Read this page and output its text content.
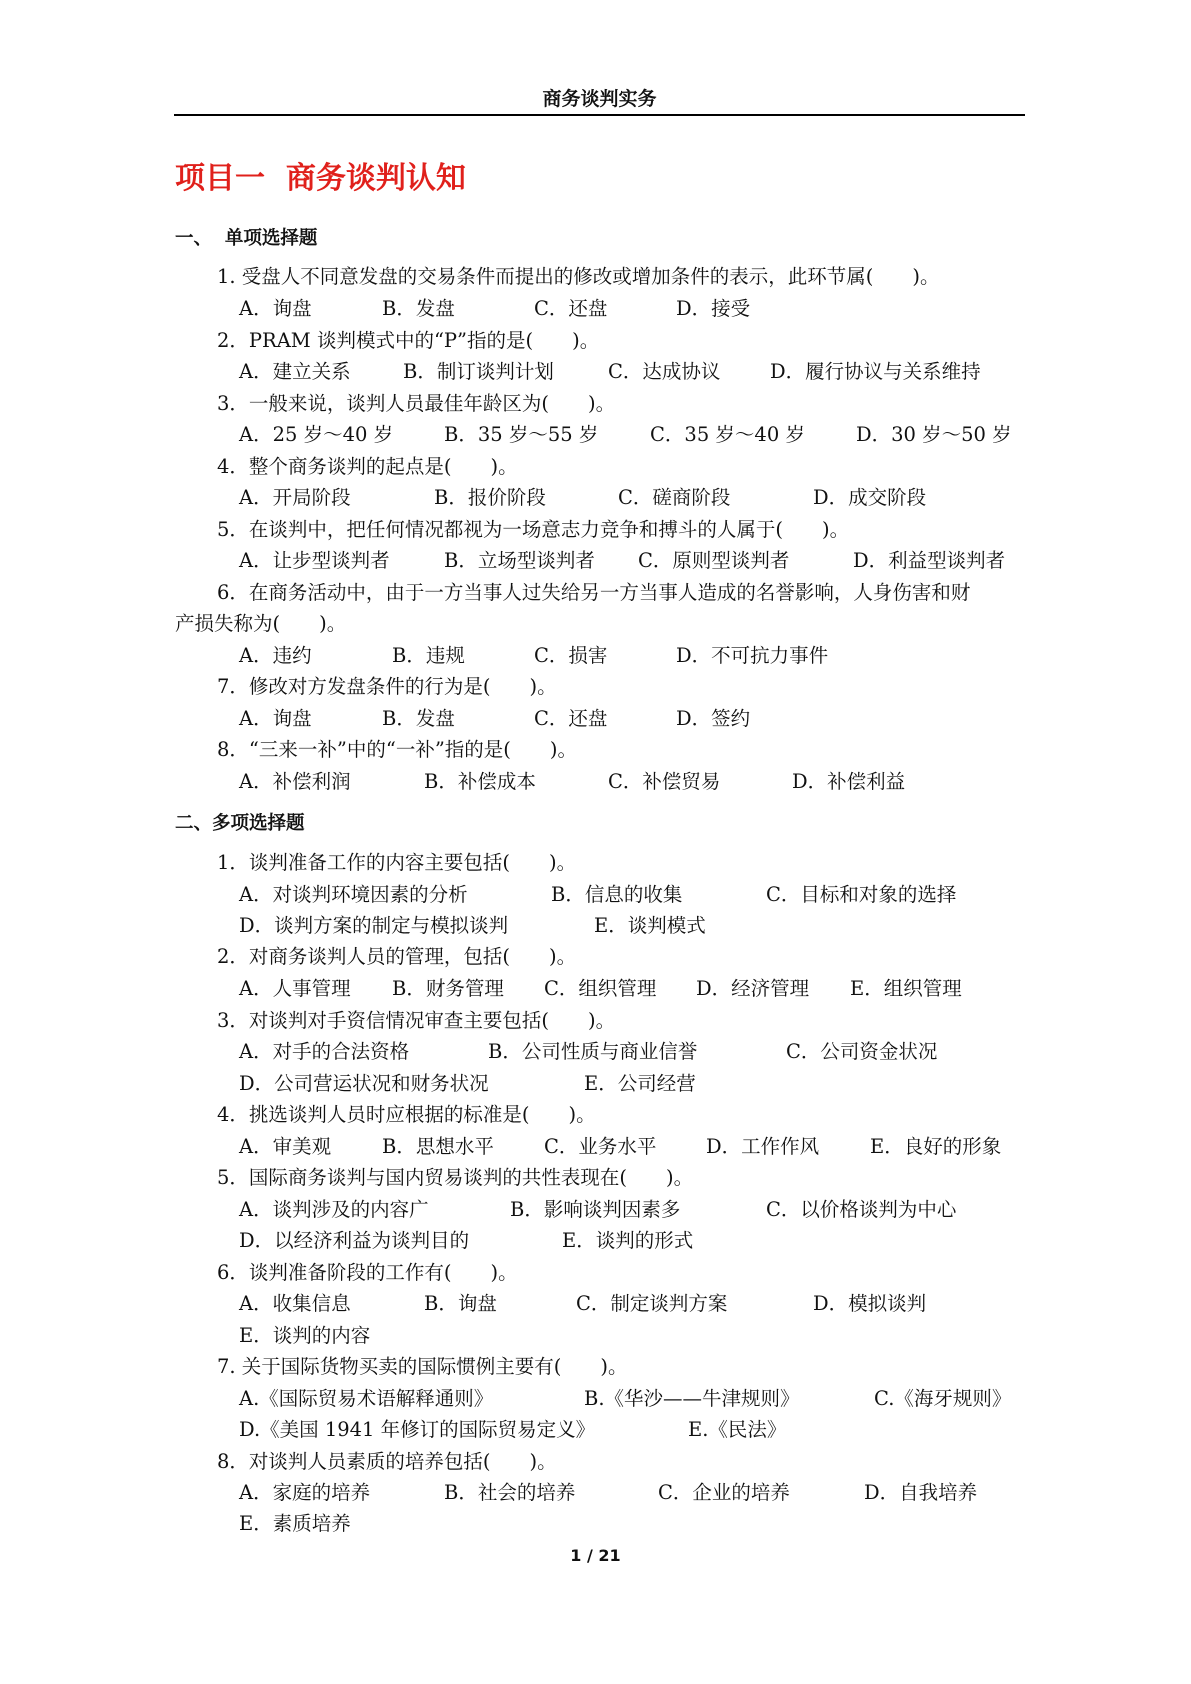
商务谈判实务
项目一  商务谈判认知
一、  单项选择题
1. 受盘人不同意发盘的交易条件而提出的修改或增加条件的表示，此环节属(　　)。
A．询盘	B．发盘	C．还盘	D．接受
2．PRAM 谈判模式中的“P”指的是(　　)。
A．建立关系	B．制订谈判计划	C．达成协议	D．履行协议与关系维持
3．一般来说，谈判人员最佳年龄区为(　　)。
A．25 岁～40 岁	B．35 岁～55 岁	C．35 岁～40 岁	D．30 岁～50 岁
4．整个商务谈判的起点是(　　)。
A．开局阶段	B．报价阶段	C．磋商阶段	D．成交阶段
5．在谈判中，把任何情况都视为一场意志力竞争和搏斗的人属于(　　)。
A．让步型谈判者	B．立场型谈判者 C．原则型谈判者	D．利益型谈判者
6．在商务活动中，由于一方当事人过失给另一方当事人造成的名誉影响，人身伤害和财
产损失称为(　　)。
A．违约	B．违规	C．损害	D．不可抗力事件
7．修改对方发盘条件的行为是(　　)。
A．询盘	B．发盘	C．还盘	D．签约
8．“三来一补”中的“一补”指的是(　　)。
A．补偿利润	B．补偿成本	C．补偿贸易	D．补偿利益
二、多项选择题
1．谈判准备工作的内容主要包括(　　)。
A．对谈判环境因素的分析	B．信息的收集	C．目标和对象的选择
D．谈判方案的制定与模拟谈判	E．谈判模式
2．对商务谈判人员的管理，包括(　　)。
A．人事管理 B．财务管理 C．组织管理 D．经济管理 E．组织管理
3．对谈判对手资信情况审查主要包括(　　)。
A．对手的合法资格	B．公司性质与商业信誉	C．公司资金状况
D．公司营运状况和财务状况	E．公司经营
4．挑选谈判人员时应根据的标准是(　　)。
A．审美观	B．思想水平	C．业务水平	D．工作作风	E．良好的形象
5．国际商务谈判与国内贸易谈判的共性表现在(　　)。
A．谈判涉及的内容广	B．影响谈判因素多	C．以价格谈判为中心
D．以经济利益为谈判目的	E．谈判的形式
6．谈判准备阶段的工作有(　　)。
A．收集信息	B．询盘	C．制定谈判方案	D．模拟谈判
E．谈判的内容
7. 关于国际货物买卖的国际惯例主要有(　　)。
A.《国际贸易术语解释通则》	B.《华沙——牛津规则》	C.《海牙规则》
D.《美国 1941 年修订的国际贸易定义》	E.《民法》
8．对谈判人员素质的培养包括(　　)。
A．家庭的培养	B．社会的培养	C．企业的培养	D．自我培养
E．素质培养
1 / 21
